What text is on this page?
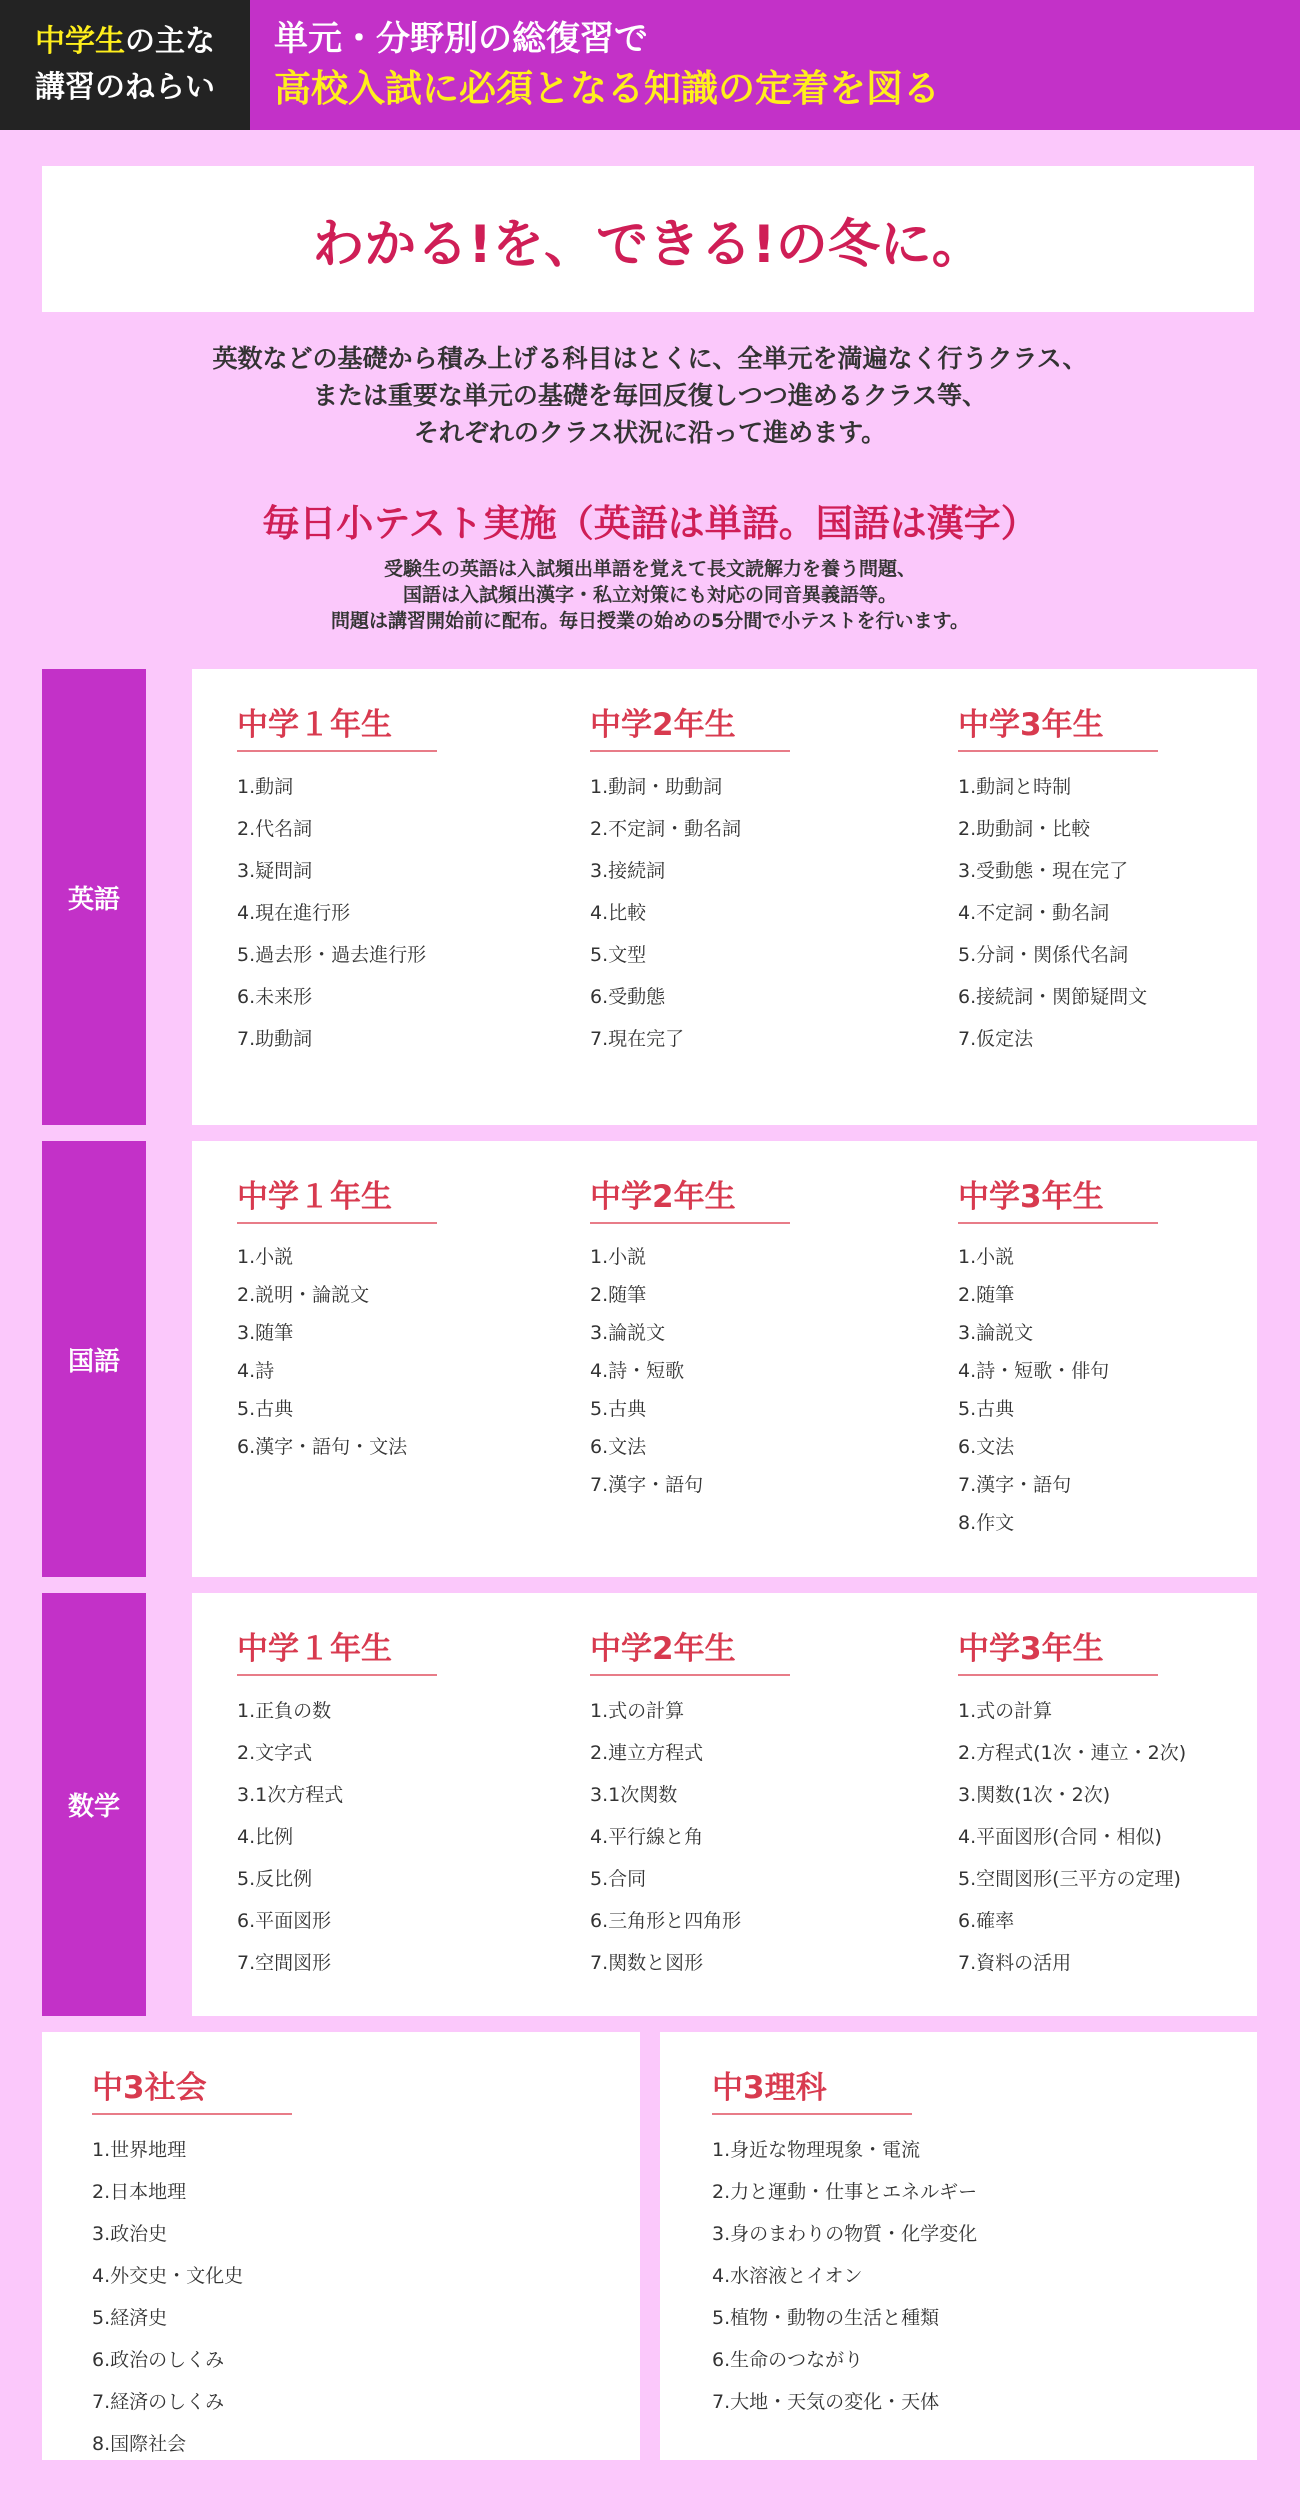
中学生の主な
講習のねらい
単元・分野別の総復習で
高校入試に必須となる知識の定着を図る
わかる!を、できる!の冬に。
英数などの基礎から積み上げる科目はとくに、全単元を満遍なく行うクラス、
または重要な単元の基礎を毎回反復しつつ進めるクラス等、
それぞれのクラス状況に沿って進めます。
毎日小テスト実施（英語は単語。国語は漢字）
受験生の英語は入試頻出単語を覚えて長文読解力を養う問題、
国語は入試頻出漢字・私立対策にも対応の同音異義語等。
問題は講習開始前に配布。毎日授業の始めの5分間で小テストを行います。
英語
中学１年生
1.動詞
2.代名詞
3.疑問詞
4.現在進行形
5.過去形・過去進行形
6.未来形
7.助動詞
中学2年生
1.動詞・助動詞
2.不定詞・動名詞
3.接続詞
4.比較
5.文型
6.受動態
7.現在完了
中学3年生
1.動詞と時制
2.助動詞・比較
3.受動態・現在完了
4.不定詞・動名詞
5.分詞・関係代名詞
6.接続詞・関節疑問文
7.仮定法
国語
中学１年生
1.小説
2.説明・論説文
3.随筆
4.詩
5.古典
6.漢字・語句・文法
中学2年生
1.小説
2.随筆
3.論説文
4.詩・短歌
5.古典
6.文法
7.漢字・語句
中学3年生
1.小説
2.随筆
3.論説文
4.詩・短歌・俳句
5.古典
6.文法
7.漢字・語句
8.作文
数学
中学１年生
1.正負の数
2.文字式
3.1次方程式
4.比例
5.反比例
6.平面図形
7.空間図形
中学2年生
1.式の計算
2.連立方程式
3.1次関数
4.平行線と角
5.合同
6.三角形と四角形
7.関数と図形
中学3年生
1.式の計算
2.方程式(1次・連立・2次)
3.関数(1次・2次)
4.平面図形(合同・相似)
5.空間図形(三平方の定理)
6.確率
7.資料の活用
中3社会
1.世界地理
2.日本地理
3.政治史
4.外交史・文化史
5.経済史
6.政治のしくみ
7.経済のしくみ
8.国際社会
中3理科
1.身近な物理現象・電流
2.力と運動・仕事とエネルギー
3.身のまわりの物質・化学変化
4.水溶液とイオン
5.植物・動物の生活と種類
6.生命のつながり
7.大地・天気の変化・天体
